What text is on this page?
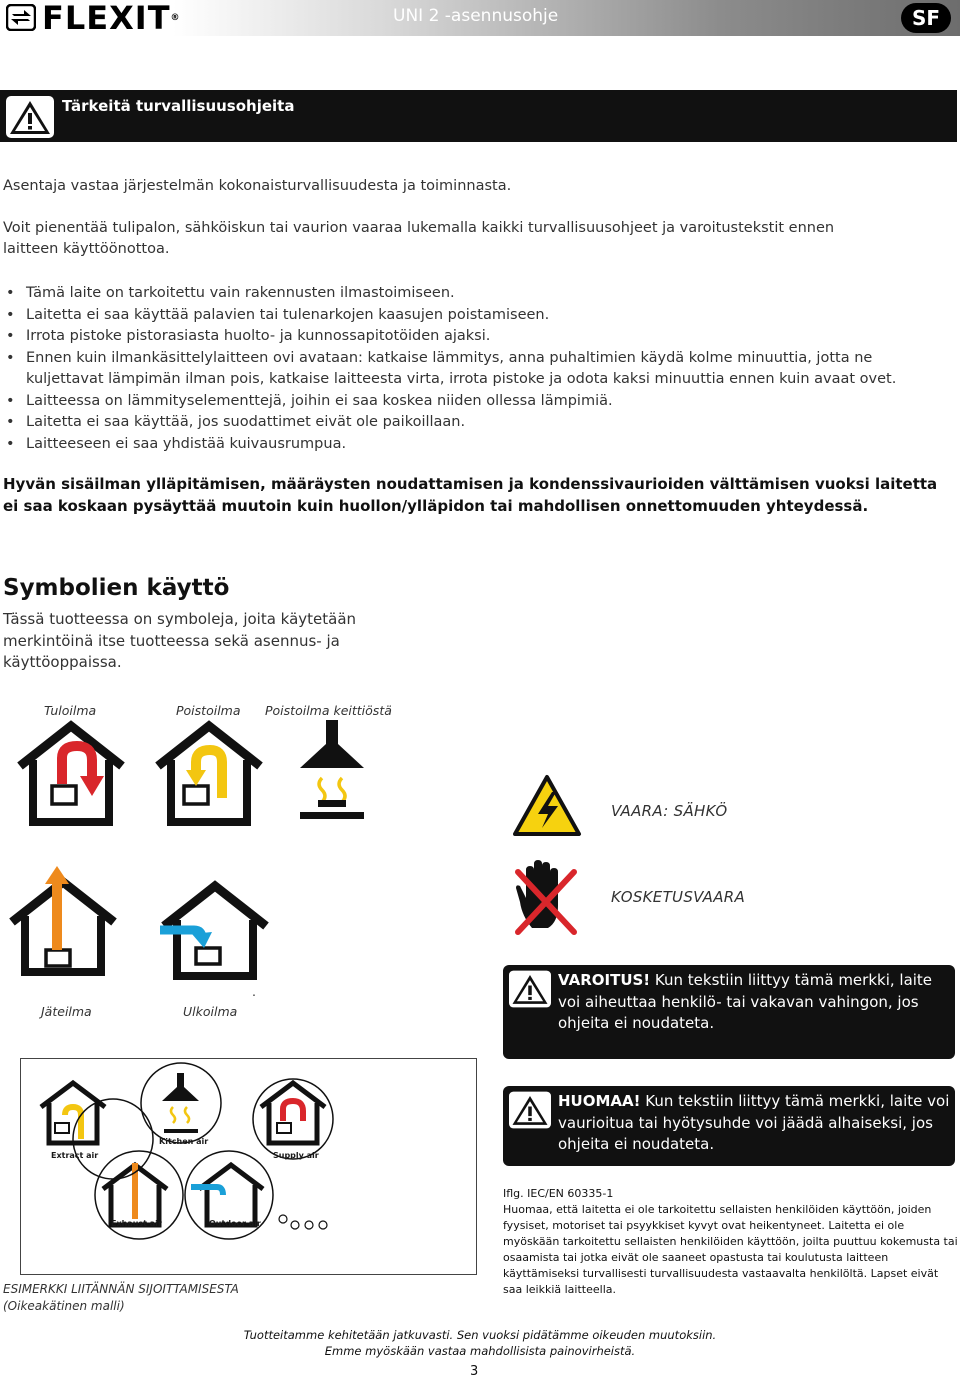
FLEXIT®	UNI 2 -asennusohje	SF
Tärkeitä turvallisuusohjeita
Asentaja vastaa järjestelmän kokonaisturvallisuudesta ja toiminnasta.
Voit pienentää tulipalon, sähköiskun tai vaurion vaaraa lukemalla kaikki turvallisuusohjeet ja varoitustekstit ennen laitteen käyttöönottoa.
• Tämä laite on tarkoitettu vain rakennusten ilmastoimiseen.
• Laitetta ei saa käyttää palavien tai tulenarkojen kaasujen poistamiseen.
• Irrota pistoke pistorasiasta huolto- ja kunnossapitotöiden ajaksi.
• Ennen kuin ilmankäsittelylaitteen ovi avataan: katkaise lämmitys, anna puhaltimien käydä kolme minuuttia, jotta ne kuljettavat lämpimän ilman pois, katkaise laitteesta virta, irrota pistoke ja odota kaksi minuuttia ennen kuin avaat ovet.
• Laitteessa on lämmityselementtejä, joihin ei saa koskea niiden ollessa lämpimiä.
• Laitetta ei saa käyttää, jos suodattimet eivät ole paikoillaan.
• Laitteeseen ei saa yhdistää kuivausrumpua.
Hyvän sisäilman ylläpitämisen, määräysten noudattamisen ja kondenssivaurioiden välttämisen vuoksi laitetta ei saa koskaan pysäyttää muutoin kuin huollon/ylläpidon tai mahdollisen onnettomuuden yhteydessä.
Symbolien käyttö
Tässä tuotteessa on symboleja, joita käytetään merkintöinä itse tuotteessa sekä asennus- ja käyttöoppaissa.
Tuloilma	Poistoilma Poistoilma keittiöstä
Jäteilma	Ulkoilma
.
VAARA: SÄHKÖ
KOSKETUSVAARA
VAROITUS! Kun tekstiin liittyy tämä merkki, laite voi aiheuttaa henkilö- tai vakavan vahingon, jos ohjeita ei noudateta.
HUOMAA! Kun tekstiin liittyy tämä merkki, laite voi vaurioitua tai hyötysuhde voi jäädä alhaiseksi, jos ohjeita ei noudateta.
Extract air
Kitchen air
Supply air
Exhaust air	Outdoor air
ESIMERKKI LIITÄNNÄN SIJOITTAMISESTA
(Oikeakätinen malli)
Iflg. IEC/EN 60335-1
Huomaa, että laitetta ei ole tarkoitettu sellaisten henkilöiden käyttöön, joiden fyysiset, motoriset tai psyykkiset kyvyt ovat heikentyneet. Laitetta ei ole myöskään tarkoitettu sellaisten henkilöiden käyttöön, joilta puuttuu kokemusta tai osaamista tai jotka eivät ole saaneet opastusta tai koulutusta laitteen käyttämiseksi turvallisesti turvallisuudesta vastaavalta henkilöltä. Lapset eivät saa leikkiä laitteella.
Tuotteitamme kehitetään jatkuvasti. Sen vuoksi pidätämme oikeuden muutoksiin.
Emme myöskään vastaa mahdollisista painovirheistä.
3
